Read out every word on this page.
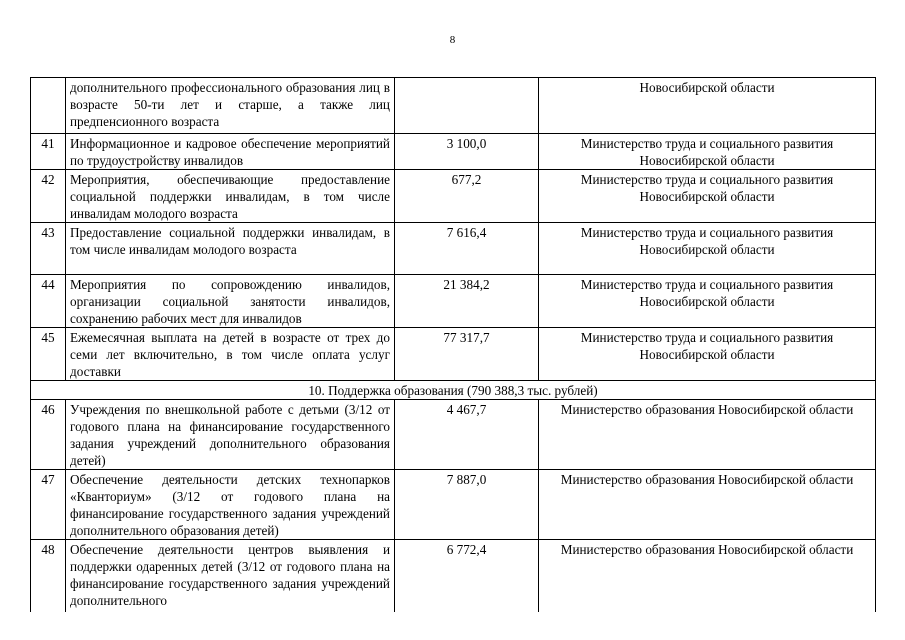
8
	дополнительного профессионального образования лиц в возрасте 50-ти лет и старше, а также лиц предпенсионного возраста		Новосибирской области
41	Информационное и кадровое обеспечение мероприятий по трудоустройству инвалидов	3 100,0	Министерство труда и социального развития Новосибирской области
42	Мероприятия, обеспечивающие предоставление социальной поддержки инвалидам, в том числе инвалидам молодого возраста	677,2	Министерство труда и социального развития Новосибирской области
43	Предоставление социальной поддержки инвалидам, в том числе инвалидам молодого возраста	7 616,4	Министерство труда и социального развития Новосибирской области
44	Мероприятия по сопровождению инвалидов, организации социальной занятости инвалидов, сохранению рабочих мест для инвалидов	21 384,2	Министерство труда и социального развития Новосибирской области
45	Ежемесячная выплата на детей в возрасте от трех до семи лет включительно, в том числе оплата услуг доставки	77 317,7	Министерство труда и социального развития Новосибирской области
10. Поддержка образования (790 388,3 тыс. рублей)			
46	Учреждения по внешкольной работе с детьми (3/12 от годового плана на финансирование государственного задания учреждений дополнительного образования детей)	4 467,7	Министерство образования Новосибирской области
47	Обеспечение деятельности детских технопарков «Кванториум» (3/12 от годового плана на финансирование государственного задания учреждений дополнительного образования детей)	7 887,0	Министерство образования Новосибирской области
48	Обеспечение деятельности центров выявления и поддержки одаренных детей (3/12 от годового плана на финансирование государственного задания учреждений дополнительного	6 772,4	Министерство образования Новосибирской области
